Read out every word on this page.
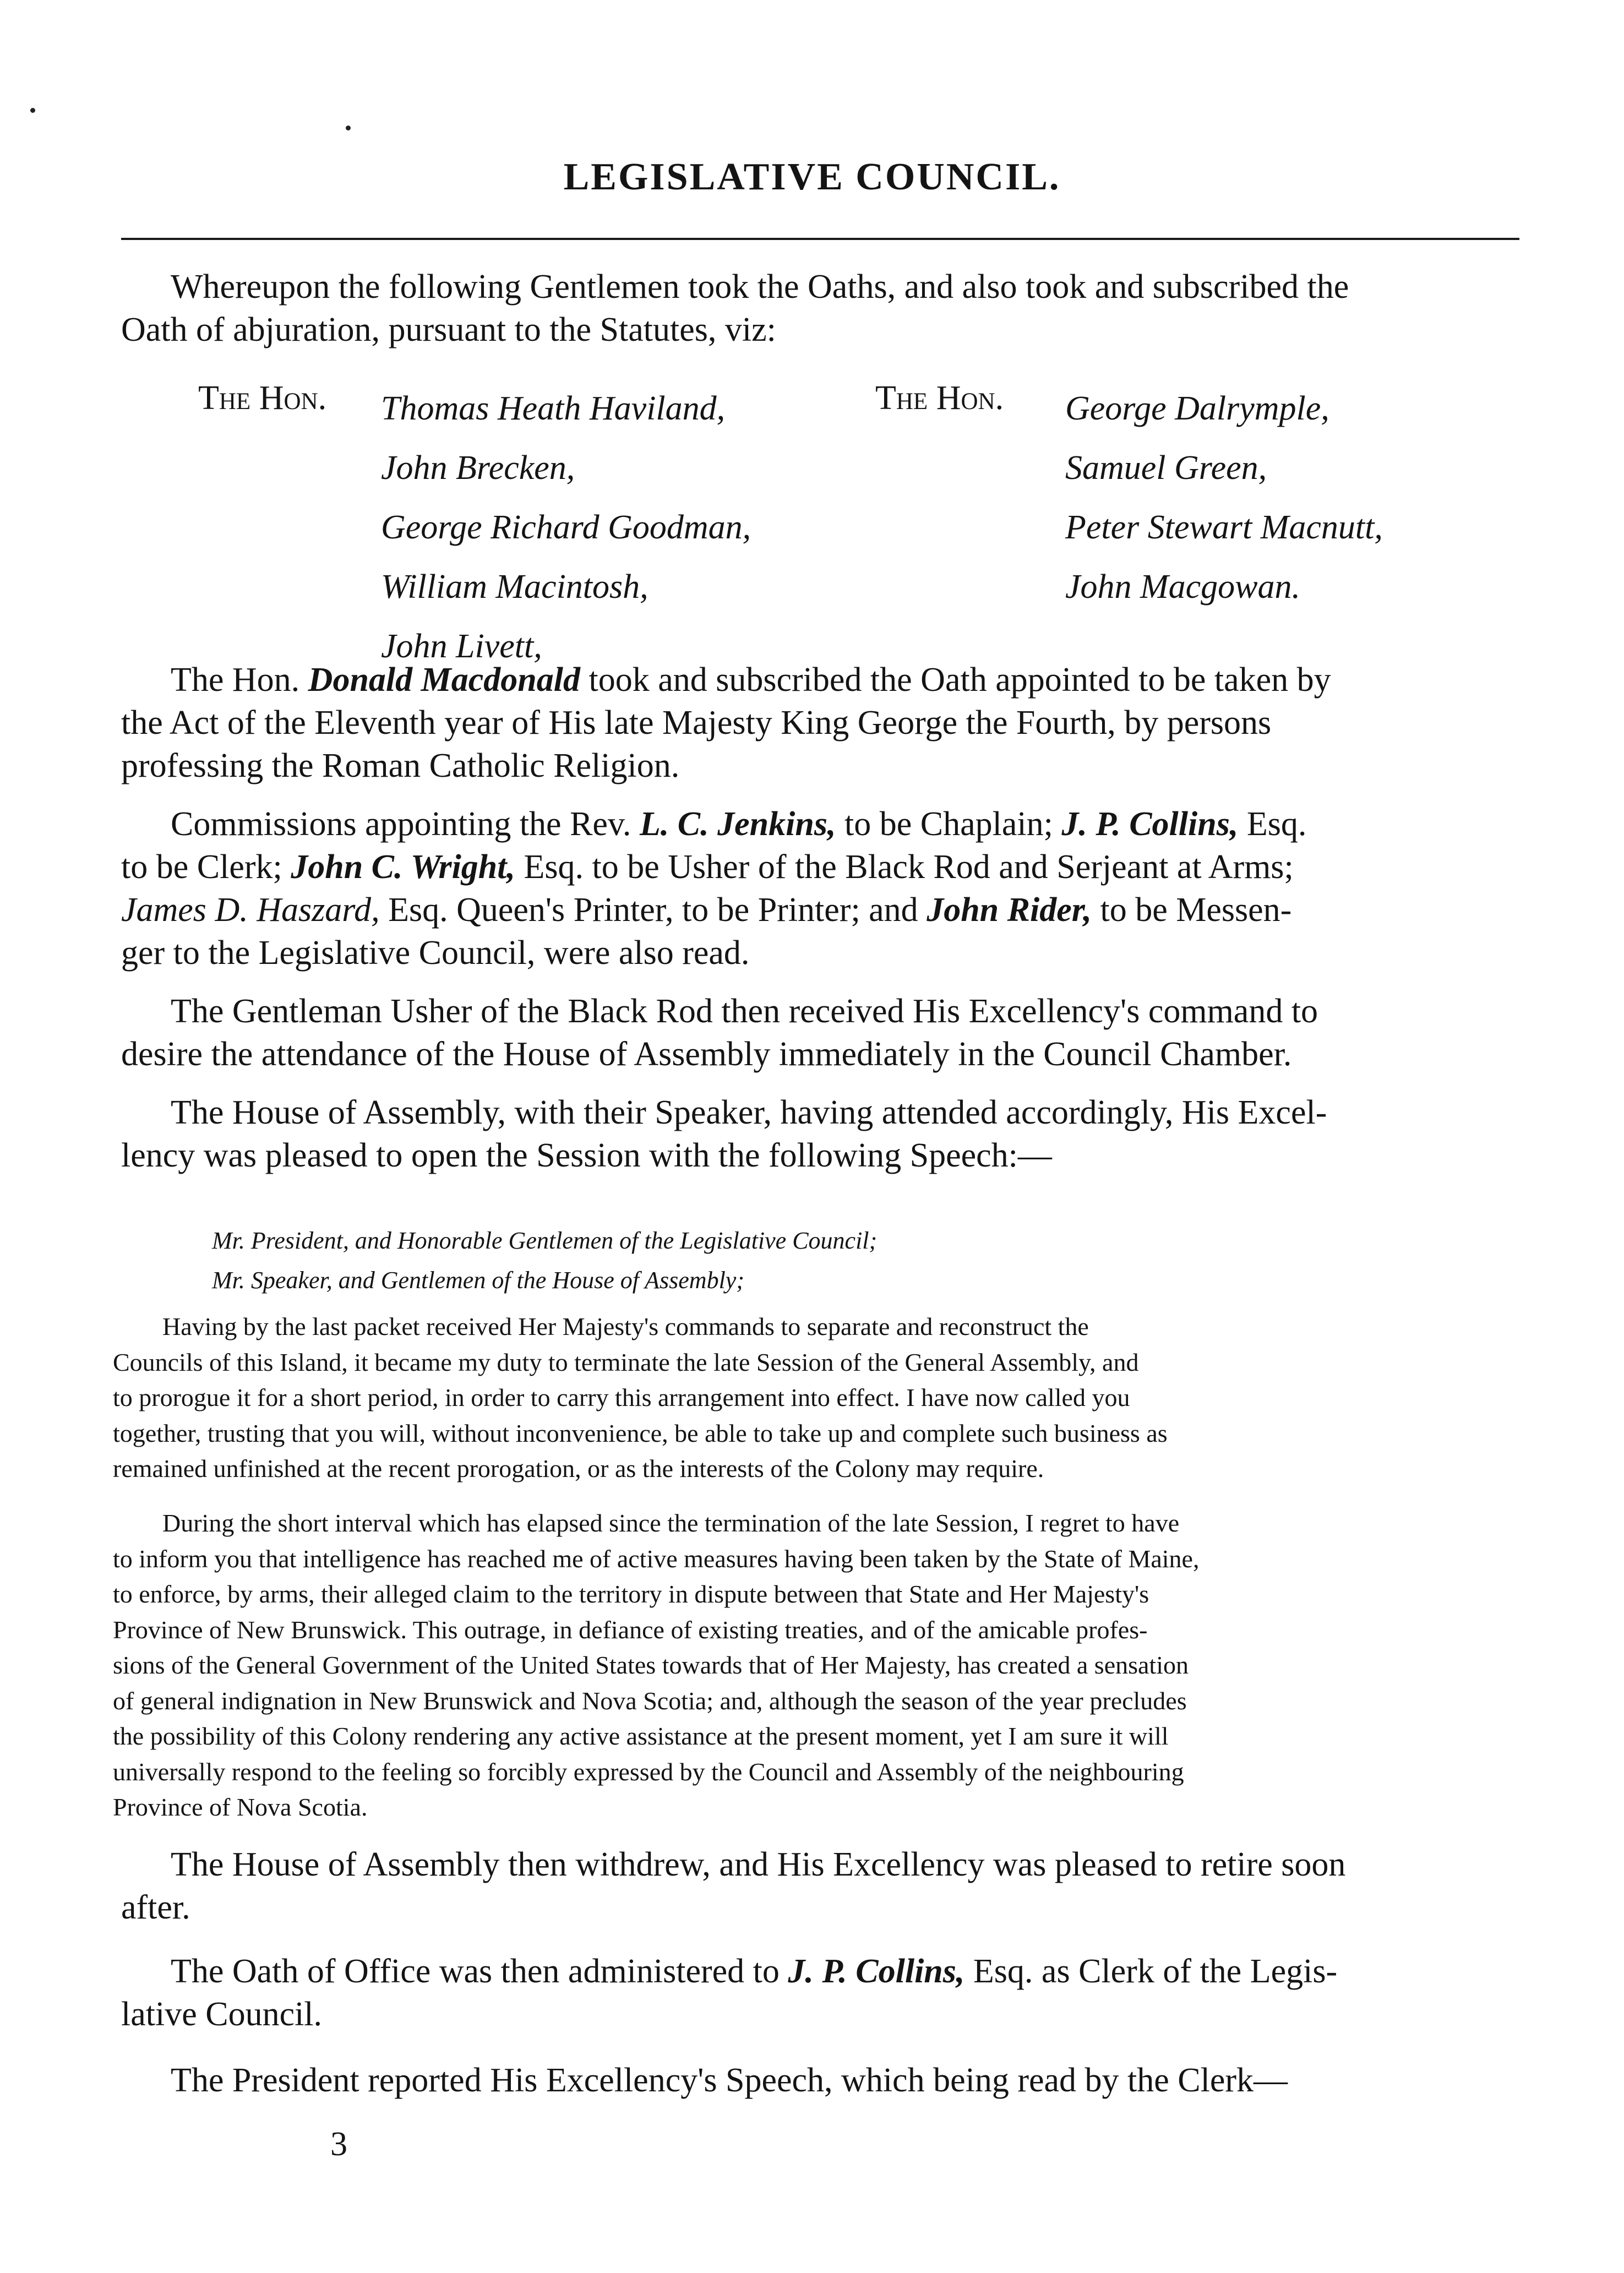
LEGISLATIVE COUNCIL.
Whereupon the following Gentlemen took the Oaths, and also took and subscribed the
Oath of abjuration, pursuant to the Statutes, viz:
The Hon. Thomas Heath Haviland,
John Brecken,
George Richard Goodman,
William Macintosh,
John Livett,
The Hon. George Dalrymple,
Samuel Green,
Peter Stewart Macnutt,
John Macgowan.
The Hon. Donald Macdonald took and subscribed the Oath appointed to be taken by
the Act of the Eleventh year of His late Majesty King George the Fourth, by persons
professing the Roman Catholic Religion.
Commissions appointing the Rev. L. C. Jenkins, to be Chaplain; J. P. Collins, Esq.
to be Clerk; John C. Wright, Esq. to be Usher of the Black Rod and Serjeant at Arms;
James D. Haszard, Esq. Queen's Printer, to be Printer; and John Rider, to be Messen-
ger to the Legislative Council, were also read.
The Gentleman Usher of the Black Rod then received His Excellency's command to
desire the attendance of the House of Assembly immediately in the Council Chamber.
The House of Assembly, with their Speaker, having attended accordingly, His Excel-
lency was pleased to open the Session with the following Speech:—
Mr. President, and Honorable Gentlemen of the Legislative Council;
Mr. Speaker, and Gentlemen of the House of Assembly;
Having by the last packet received Her Majesty's commands to separate and reconstruct the
Councils of this Island, it became my duty to terminate the late Session of the General Assembly, and
to prorogue it for a short period, in order to carry this arrangement into effect. I have now called you
together, trusting that you will, without inconvenience, be able to take up and complete such business as
remained unfinished at the recent prorogation, or as the interests of the Colony may require.
During the short interval which has elapsed since the termination of the late Session, I regret to have
to inform you that intelligence has reached me of active measures having been taken by the State of Maine,
to enforce, by arms, their alleged claim to the territory in dispute between that State and Her Majesty's
Province of New Brunswick. This outrage, in defiance of existing treaties, and of the amicable profes-
sions of the General Government of the United States towards that of Her Majesty, has created a sensation
of general indignation in New Brunswick and Nova Scotia; and, although the season of the year precludes
the possibility of this Colony rendering any active assistance at the present moment, yet I am sure it will
universally respond to the feeling so forcibly expressed by the Council and Assembly of the neighbouring
Province of Nova Scotia.
The House of Assembly then withdrew, and His Excellency was pleased to retire soon
after.
The Oath of Office was then administered to J. P. Collins, Esq. as Clerk of the Legis-
lative Council.
The President reported His Excellency's Speech, which being read by the Clerk—
3
